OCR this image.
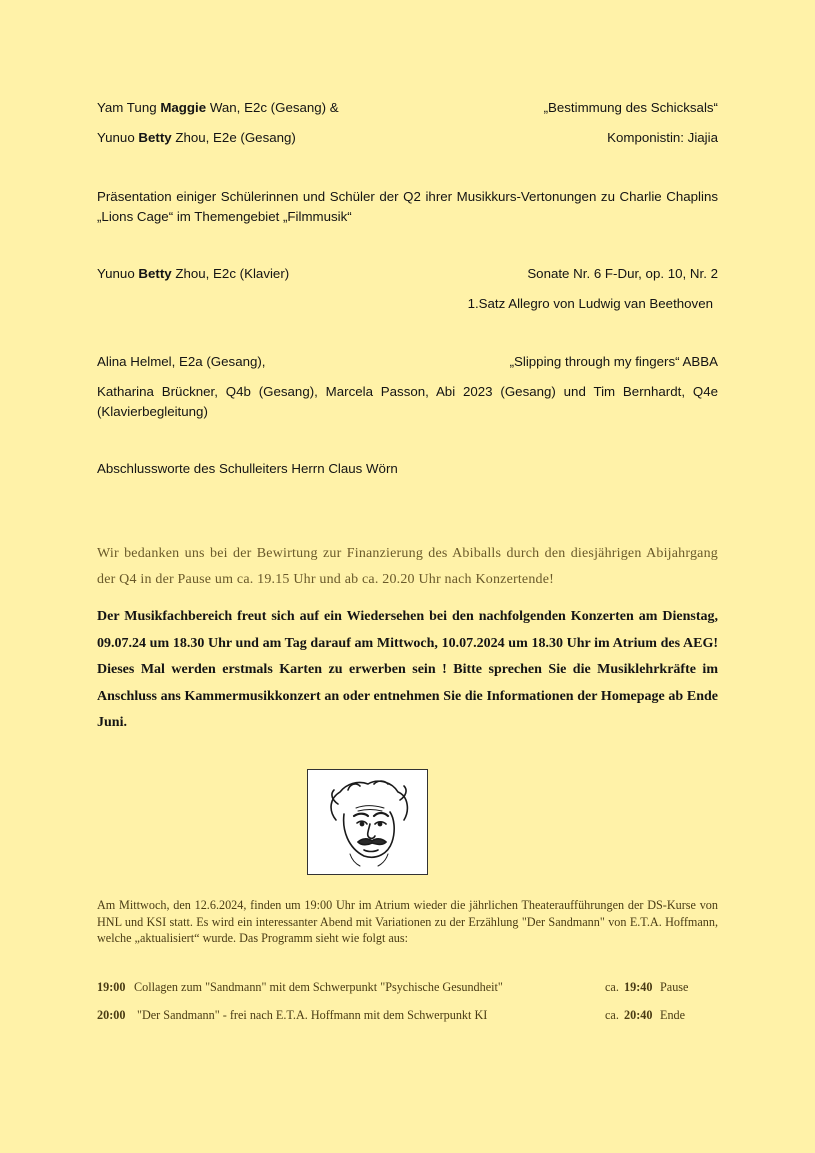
Yam Tung Maggie Wan, E2c (Gesang) &	„Bestimmung des Schicksals“
Yunuo Betty Zhou, E2e (Gesang)	Komponistin: Jiajia
Präsentation einiger Schülerinnen und Schüler der Q2 ihrer Musikkurs-Vertonungen zu Charlie Chaplins „Lions Cage“ im Themengebiet „Filmmusik“
Yunuo Betty Zhou, E2c (Klavier)	Sonate Nr. 6 F-Dur, op. 10, Nr. 2
1.Satz Allegro von Ludwig van Beethoven
Alina Helmel, E2a (Gesang),	„Slipping through my fingers“ ABBA
Katharina Brückner, Q4b (Gesang), Marcela Passon, Abi 2023 (Gesang) und Tim Bernhardt, Q4e (Klavierbegleitung)
Abschlussworte des Schulleiters Herrn Claus Wörn
Wir bedanken uns bei der Bewirtung zur Finanzierung des Abiballs durch den diesjährigen Abijahrgang der Q4 in der Pause um ca. 19.15 Uhr und ab ca. 20.20 Uhr nach Konzertende!
Der Musikfachbereich freut sich auf ein Wiedersehen bei den nachfolgenden Konzerten am Dienstag, 09.07.24 um 18.30 Uhr und am Tag darauf am Mittwoch, 10.07.2024 um 18.30 Uhr im Atrium des AEG! Dieses Mal werden erstmals Karten zu erwerben sein ! Bitte sprechen Sie die Musiklehrkräfte im Anschluss ans Kammermusikkonzert an oder entnehmen Sie die Informationen der Homepage ab Ende Juni.
Am Mittwoch, den 12.6.2024, finden um 19:00 Uhr im Atrium wieder die jährlichen Theateraufführungen der DS-Kurse von HNL und KSI statt. Es wird ein interessanter Abend mit Variationen zu der Erzählung "Der Sandmann" von E.T.A. Hoffmann, welche „aktualisiert“ wurde. Das Programm sieht wie folgt aus:
19:00 Collagen zum "Sandmann" mit dem Schwerpunkt "Psychische Gesundheit"	ca. 19:40 Pause
20:00 "Der Sandmann" - frei nach E.T.A. Hoffmann mit dem Schwerpunkt KI	ca. 20:40 Ende
